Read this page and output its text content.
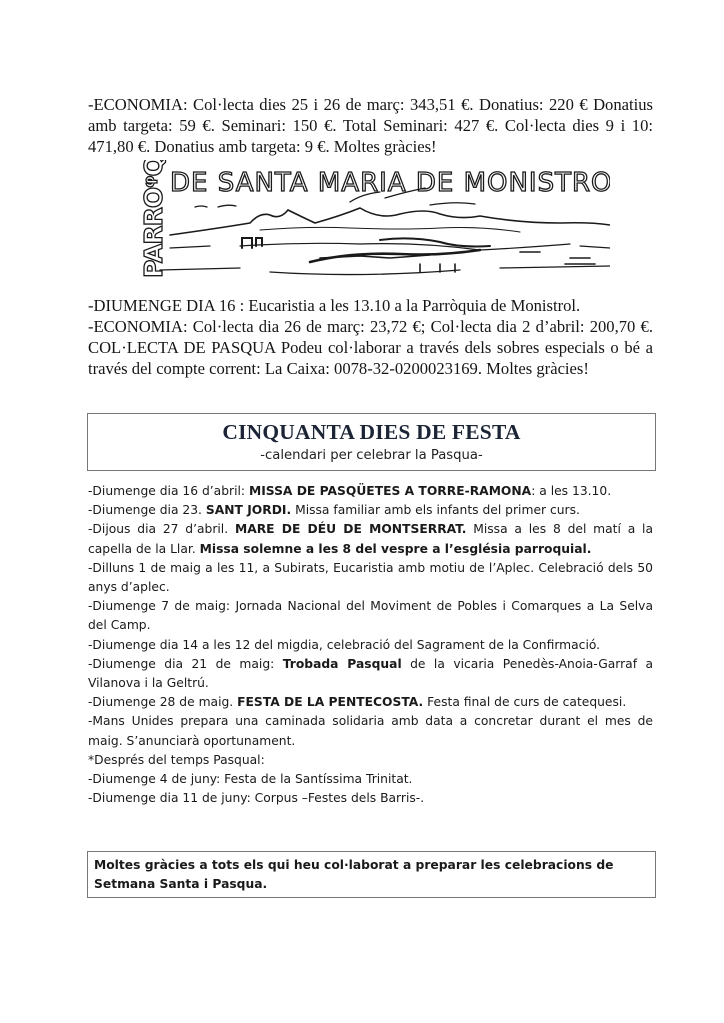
-ECONOMIA: Col·lecta dies 25 i 26 de març: 343,51 €. Donatius: 220 € Donatius amb targeta: 59 €. Seminari: 150 €. Total Seminari: 427 €. Col·lecta dies 9 i 10: 471,80 €. Donatius amb targeta: 9 €. Moltes gràcies!
PARROᵠQUIA DE SANTA MARIA DE MONISTROL
-DIUMENGE DIA 16 : Eucaristia a les 13.10 a la Parròquia de Monistrol.
-ECONOMIA: Col·lecta dia 26 de març: 23,72 €; Col·lecta dia 2 d’abril: 200,70 €. COL·LECTA DE PASQUA Podeu col·laborar a través dels sobres especials o bé a través del compte corrent: La Caixa: 0078-32-0200023169. Moltes gràcies!
CINQUANTA DIES DE FESTA
-calendari per celebrar la Pasqua-
-Diumenge dia 16 d’abril: MISSA DE PASQÜETES A TORRE-RAMONA: a les 13.10.
-Diumenge dia 23. SANT JORDI. Missa familiar amb els infants del primer curs.
-Dijous dia 27 d’abril. MARE DE DÉU DE MONTSERRAT. Missa a les 8 del matí a la capella de la Llar. Missa solemne a les 8 del vespre a l’església parroquial.
-Dilluns 1 de maig a les 11, a Subirats, Eucaristia amb motiu de l’Aplec. Celebració dels 50 anys d’aplec.
-Diumenge 7 de maig: Jornada Nacional del Moviment de Pobles i Comarques a La Selva del Camp.
-Diumenge dia 14 a les 12 del migdia, celebració del Sagrament de la Confirmació.
-Diumenge dia 21 de maig: Trobada Pasqual de la vicaria Penedès-Anoia-Garraf a Vilanova i la Geltrú.
-Diumenge 28 de maig. FESTA DE LA PENTECOSTA. Festa final de curs de catequesi.
-Mans Unides prepara una caminada solidaria amb data a concretar durant el mes de maig. S’anunciarà oportunament.
*Després del temps Pasqual:
-Diumenge 4 de juny: Festa de la Santíssima Trinitat.
-Diumenge dia 11 de juny: Corpus –Festes dels Barris-.
Moltes gràcies a tots els qui heu col·laborat a preparar les celebracions de Setmana Santa i Pasqua.
